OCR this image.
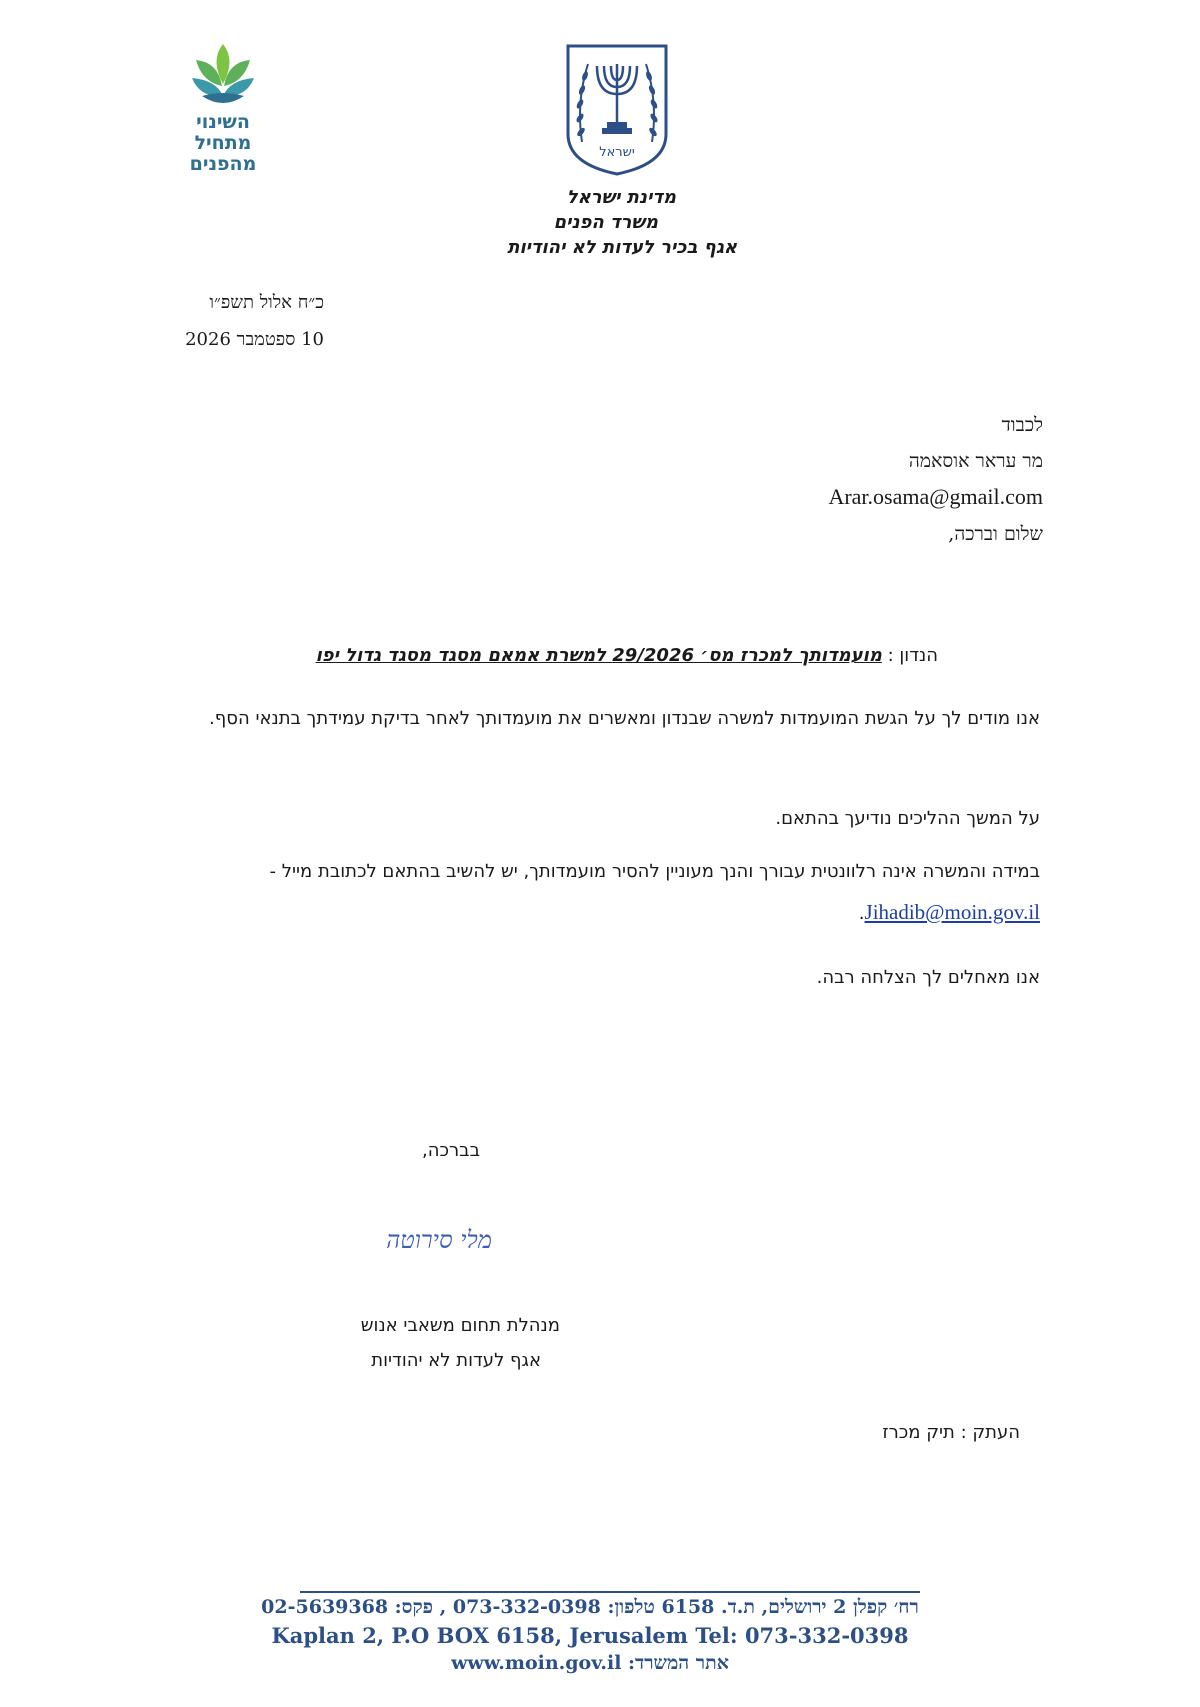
ישראל
השינוי
מתחיל
מהפנים
מדינת ישראל
משרד הפנים
אגף בכיר לעדות לא יהודיות
כ״ח אלול תשפ״ו
10 ספטמבר 2026
לכבוד
מר עראר אוסאמה
Arar.osama@gmail.com
שלום וברכה,
הנדון : מועמדותך למכרז מס׳ 29/2026 למשרת אמאם מסגד מסגד גדול יפו
אנו מודים לך על הגשת המועמדות למשרה שבנדון ומאשרים את מועמדותך לאחר בדיקת עמידתך בתנאי הסף.
על המשך ההליכים נודיעך בהתאם.
במידה והמשרה אינה רלוונטית עבורך והנך מעוניין להסיר מועמדותך, יש להשיב בהתאם לכתובת מייל - Jihadib@moin.gov.il.
אנו מאחלים לך הצלחה רבה.
בברכה,
מלי סירוטה
מנהלת תחום משאבי אנוש
אגף לעדות לא יהודיות
העתק : תיק מכרז
רח׳ קפלן 2 ירושלים, ת.ד. 6158 טלפון: 073-332-0398 , פקס: 02-5639368
Kaplan 2, P.O BOX 6158, Jerusalem Tel: 073-332-0398
אתר המשרד: www.moin.gov.il
